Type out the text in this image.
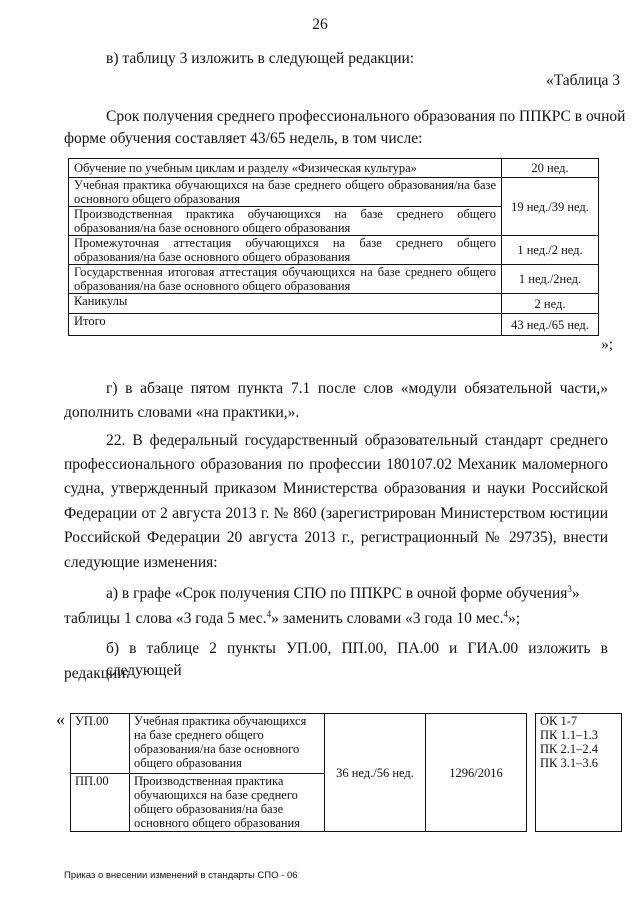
26
в) таблицу 3 изложить в следующей редакции:
«Таблица 3
Срок получения среднего профессионального образования по ППКРС в очной
форме обучения составляет 43/65 недель, в том числе:
Обучение по учебным циклам и разделу «Физическая культура»	20 нед.
Учебная практика обучающихся на базе среднего общего образования/на базе основного общего образования	19 нед./39 нед.
Производственная практика обучающихся на базе среднего общего образования/на базе основного общего образования	
Промежуточная аттестация обучающихся на базе среднего общего образования/на базе основного общего образования	1 нед./2 нед.
Государственная итоговая аттестация обучающихся на базе среднего общего образования/на базе основного общего образования	1 нед./2нед.
Каникулы	2 нед.
Итого	43 нед./65 нед.
»;
г) в абзаце пятом пункта 7.1 после слов «модули обязательной части,»
дополнить словами «на практики,».
22. В федеральный государственный образовательный стандарт среднего
профессионального образования по профессии 180107.02 Механик маломерного
судна, утвержденный приказом Министерства образования и науки Российской
Федерации от 2 августа 2013 г. № 860 (зарегистрирован Министерством юстиции
Российской Федерации 20 августа 2013 г., регистрационный № 29735), внести
следующие изменения:
а) в графе «Срок получения СПО по ППКРС в очной форме обучения$^3$»
таблицы 1 слова «3 года 5 мес.$^4$» заменить словами «3 года 10 мес.$^4$»;
б) в таблице 2 пункты УП.00, ПП.00, ПА.00 и ГИА.00 изложить в следующей
редакции:
« УП.00	Учебная практика обучающихся на базе среднего общего образования/на базе основного общего образования	36 нед./56 нед.	1296/2016		ОК 1-7
ПК 1.1–1.3
ПК 2.1–2.4
ПК 3.1–3.6

ПП.00	Производственная практика обучающихся на базе среднего общего образования/на базе основного общего образования				
Приказ о внесении изменений в стандарты СПО - 06
